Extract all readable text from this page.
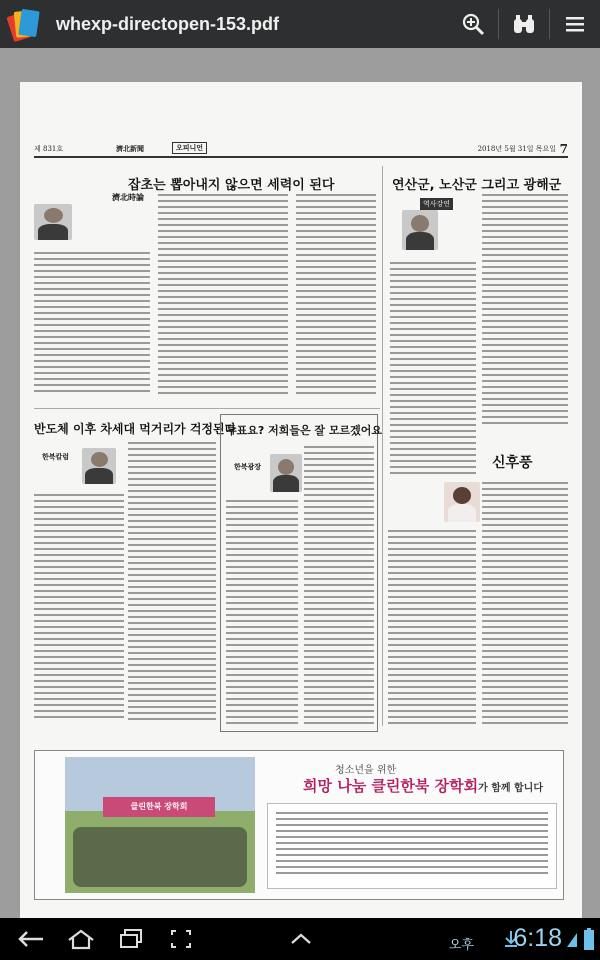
whexp-directopen-153.pdf
제 831호	濟北新聞	오피니언	2018년 5월 31일 목요일 7
잡초는 뽑아내지 않으면 세력이 된다
濟北時論
연산군, 노산군 그리고 광해군
역사강연
반도체 이후 차세대 먹거리가 걱정된다
한북칼럼
투표요? 저희들은 잘 모르겠어요
한북광장	신후풍
클린한북 장학회
청소년을 위한
희망 나눔 클린한북 장학회가 함께 합니다
오후 6:18
